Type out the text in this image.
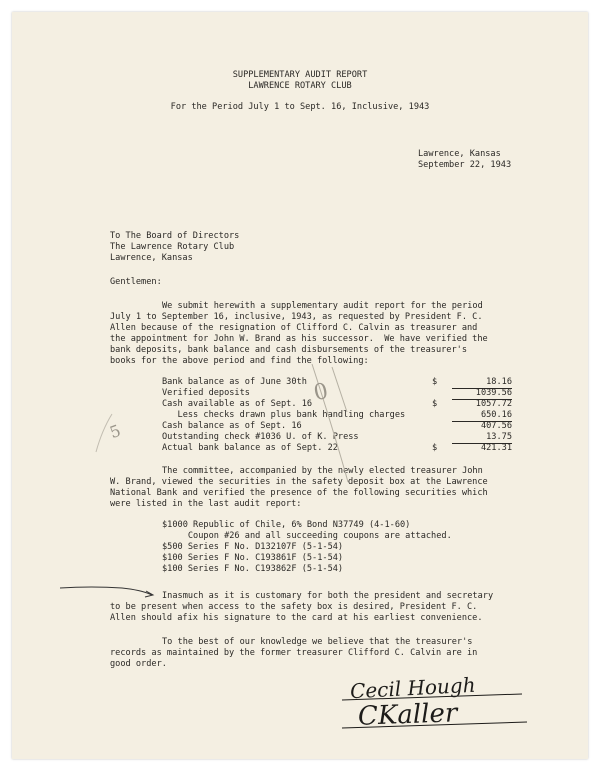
SUPPLEMENTARY AUDIT REPORT
LAWRENCE ROTARY CLUB
For the Period July 1 to Sept. 16, Inclusive, 1943
Lawrence, Kansas
September 22, 1943
To The Board of Directors
The Lawrence Rotary Club
Lawrence, Kansas
Gentlemen:
We submit herewith a supplementary audit report for the period
July 1 to September 16, inclusive, 1943, as requested by President F. C.
Allen because of the resignation of Clifford C. Calvin as treasurer and
the appointment for John W. Brand as his successor.  We have verified the
bank deposits, bank balance and cash disbursements of the treasurer's
books for the above period and find the following:
Bank balance as of June 30th	$	18.16
Verified deposits	1039.56
Cash available as of Sept. 16	$	1057.72
Less checks drawn plus bank handling charges	650.16
Cash balance as of Sept. 16	407.56
Outstanding check #1036 U. of K. Press	13.75
Actual bank balance as of Sept. 22	$	421.31
The committee, accompanied by the newly elected treasurer John
W. Brand, viewed the securities in the safety deposit box at the Lawrence
National Bank and verified the presence of the following securities which
were listed in the last audit report:
$1000 Republic of Chile, 6% Bond N37749 (4-1-60)
Coupon #26 and all succeeding coupons are attached.
$500 Series F No. D132107F (5-1-54)
$100 Series F No. C193861F (5-1-54)
$100 Series F No. C193862F (5-1-54)
Inasmuch as it is customary for both the president and secretary
to be present when access to the safety box is desired, President F. C.
Allen should afix his signature to the card at his earliest convenience.
To the best of our knowledge we believe that the treasurer's
records as maintained by the former treasurer Clifford C. Calvin are in
good order.
0
5
Cecil Hough
CKaller
